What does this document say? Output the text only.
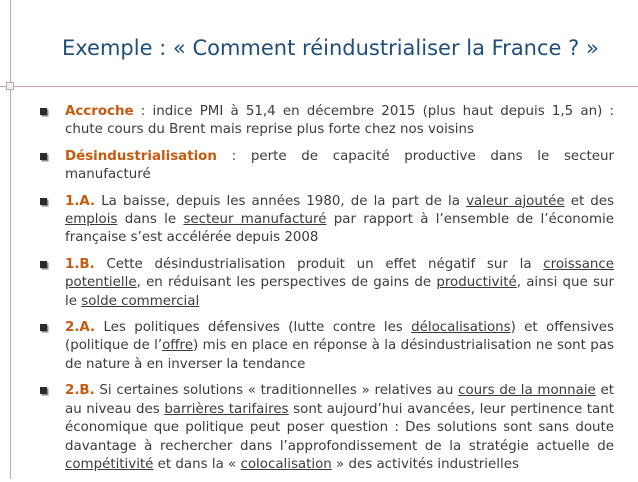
Exemple : « Comment réindustrialiser la France ? »

Accroche : indice PMI à 51,4 en décembre 2015 (plus haut depuis 1,5 an) : chute cours du Brent mais reprise plus forte chez nos voisins

Désindustrialisation : perte de capacité productive dans le secteur manufacturé

1.A. La baisse, depuis les années 1980, de la part de la valeur ajoutée et des emplois dans le secteur manufacturé par rapport à l’ensemble de l’économie française s’est accélérée depuis 2008

1.B. Cette désindustrialisation produit un effet négatif sur la croissance potentielle, en réduisant les perspectives de gains de productivité, ainsi que sur le solde commercial

2.A. Les politiques défensives (lutte contre les délocalisations) et offensives (politique de l’offre) mis en place en réponse à la désindustrialisation ne sont pas de nature à en inverser la tendance

2.B. Si certaines solutions « traditionnelles » relatives au cours de la monnaie et au niveau des barrières tarifaires sont aujourd’hui avancées, leur pertinence tant économique que politique peut poser question : Des solutions sont sans doute davantage à rechercher dans l’approfondissement de la stratégie actuelle de compétitivité et dans la « colocalisation » des activités industrielles
